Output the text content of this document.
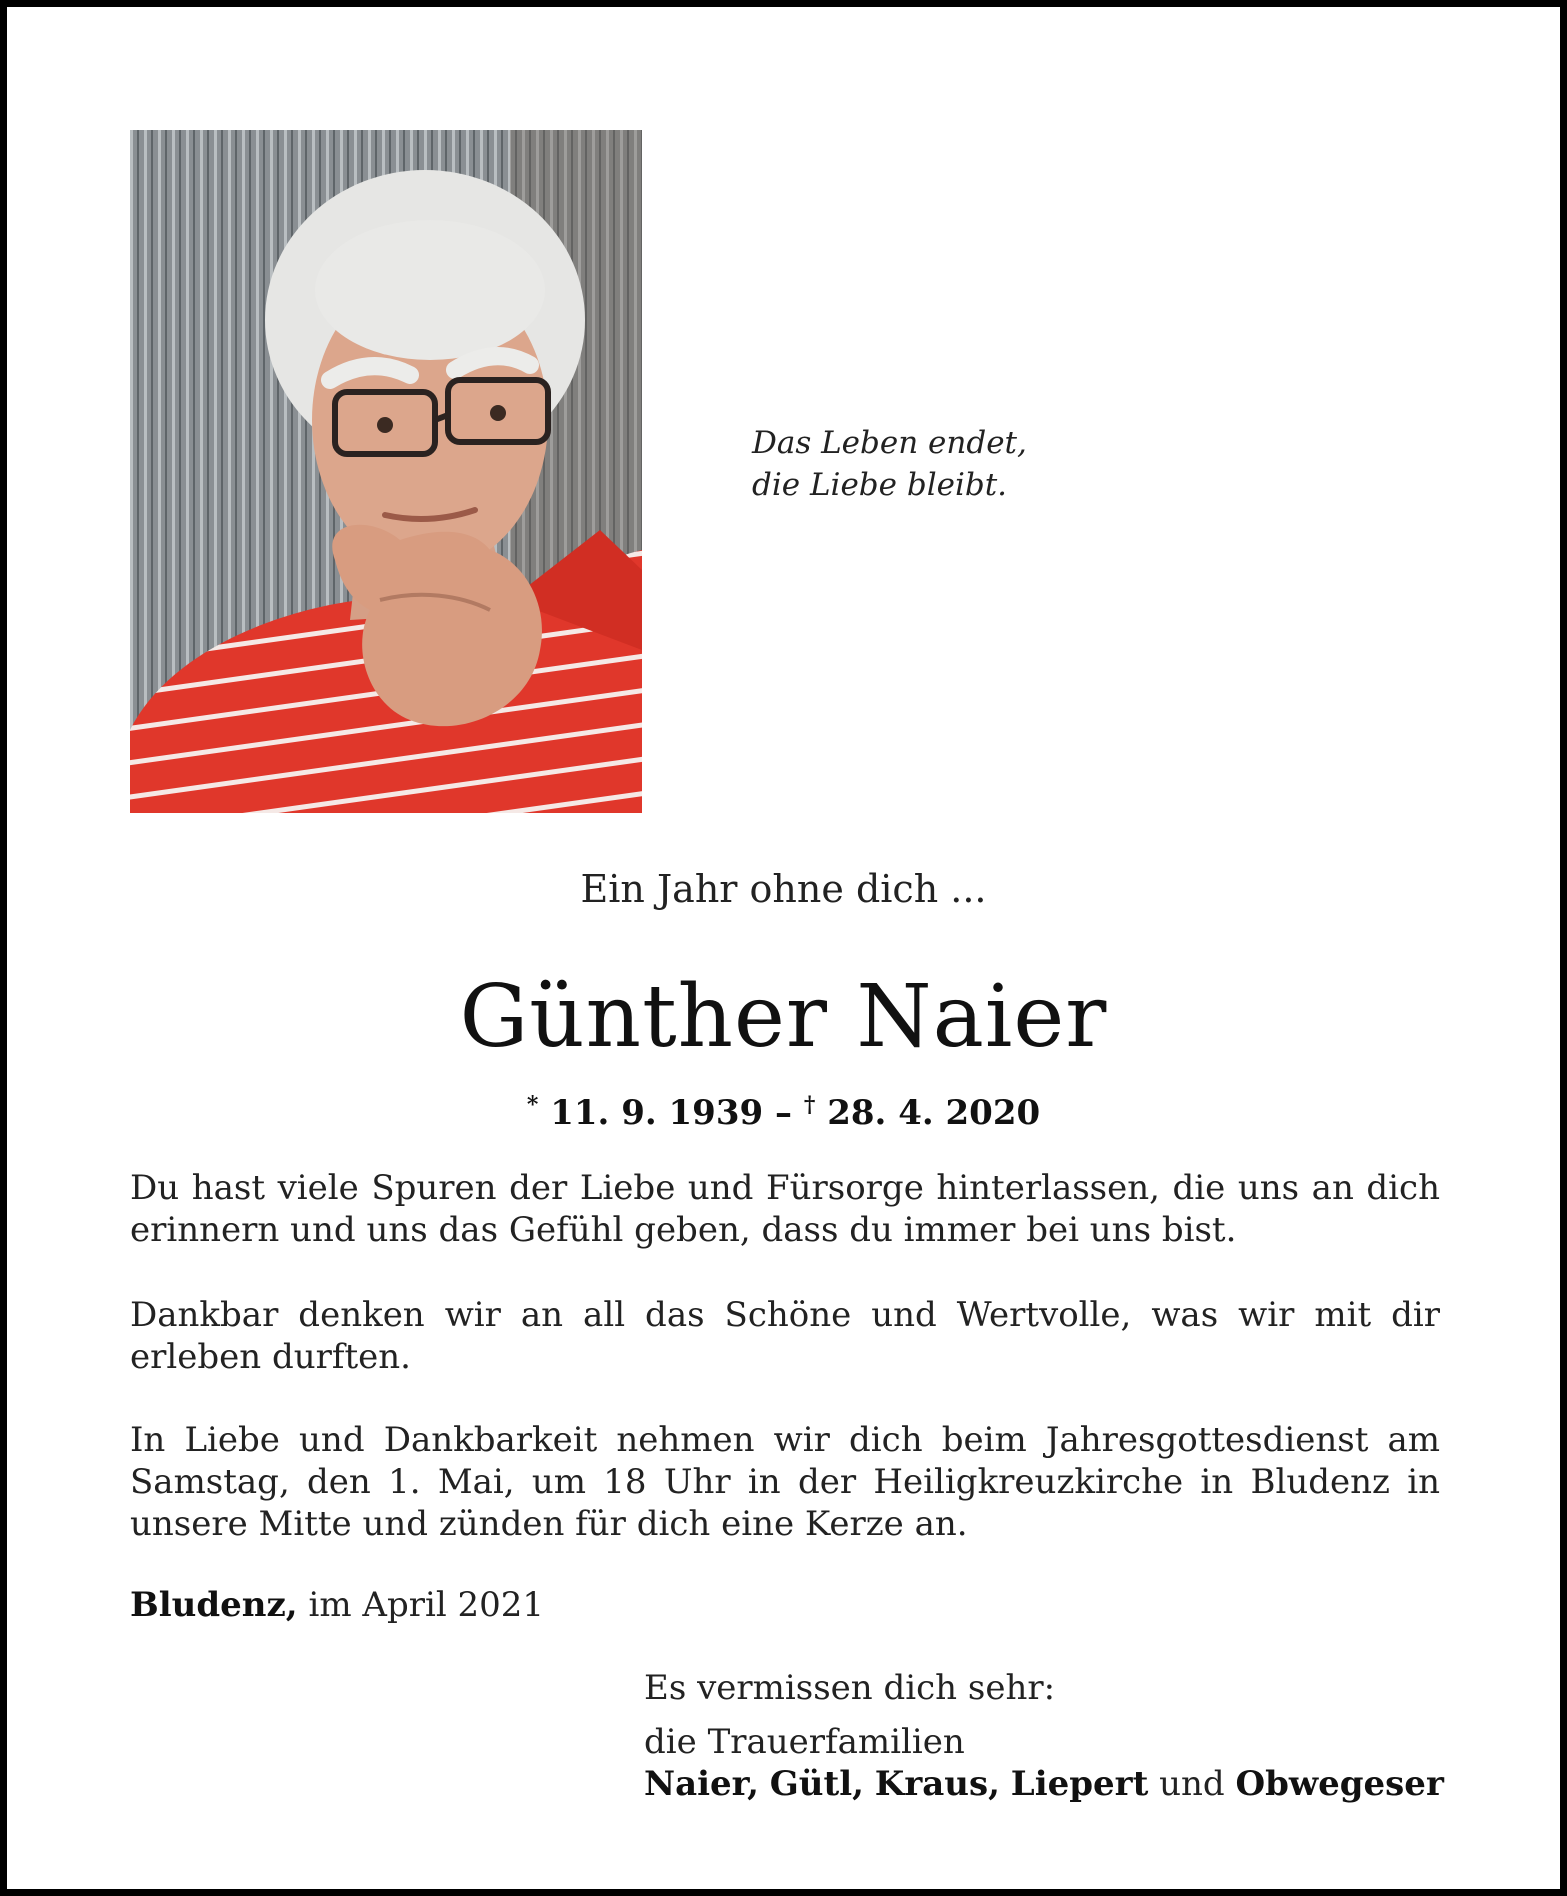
Das Leben endet,
die Liebe bleibt.
Ein Jahr ohne dich ...
Günther Naier
* 11. 9. 1939 – † 28. 4. 2020
Du hast viele Spuren der Liebe und Fürsorge hinterlassen, die uns an dich erinnern und uns das Gefühl geben, dass du immer bei uns bist.
Dankbar denken wir an all das Schöne und Wertvolle, was wir mit dir erleben durften.
In Liebe und Dankbarkeit nehmen wir dich beim Jahresgottesdienst am Samstag, den 1. Mai, um 18 Uhr in der Heiligkreuzkirche in Bludenz in unsere Mitte und zünden für dich eine Kerze an.
Bludenz, im April 2021
Es vermissen dich sehr:
die Trauerfamilien
Naier, Gütl, Kraus, Liepert und Obwegeser
